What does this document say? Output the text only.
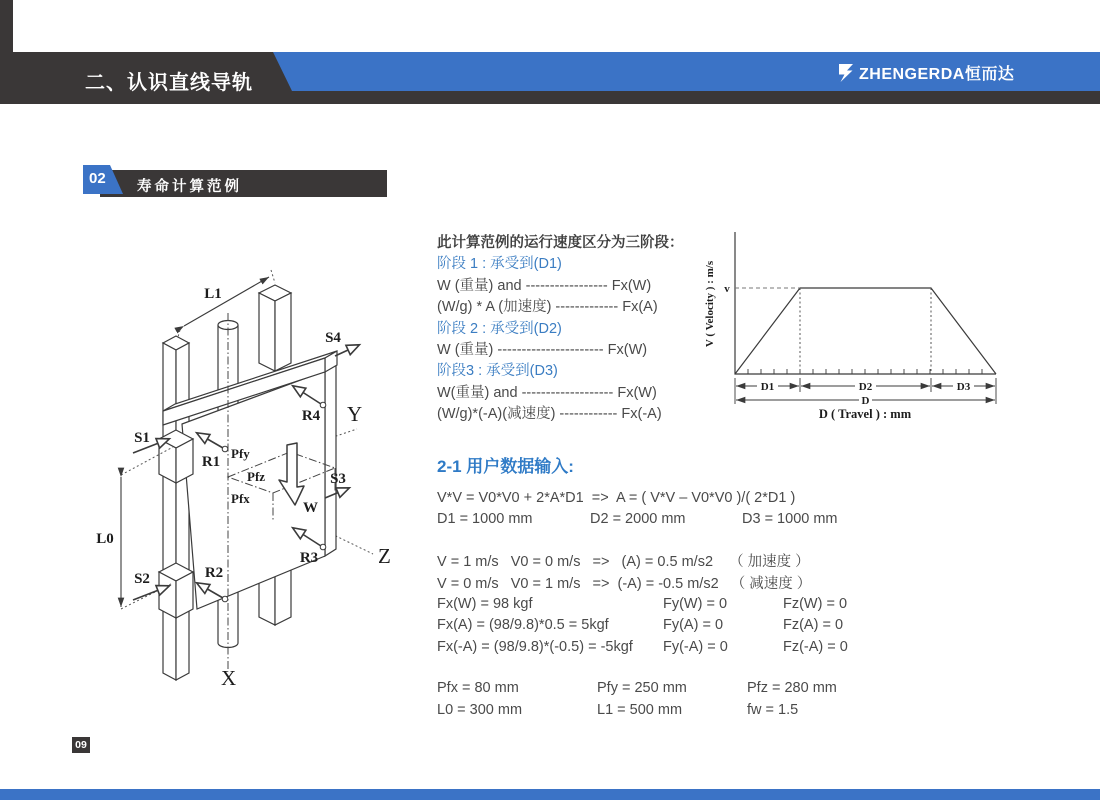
二、认识直线导轨	ZHENGERDA恒而达
02 寿命计算范例

此计算范例的运行速度区分为三阶段：

阶段 1 : 承受到(D1)

W (重量) and ----------------- Fx(W)

(W/g) * A (加速度) ------------- Fx(A)

阶段 2 : 承受到(D2)

W (重量) ---------------------- Fx(W)

阶段3 : 承受到(D3)

W(重量) and ------------------- Fx(W)

(W/g)*(-A)(减速度) ------------ Fx(-A)

Y
Z
L1
Pfy
Pfz
Pfx
W
X
L0
S1
S2
S3
S4
R1
R2
R3
R4
v
V ( Velocity ) : m/s
D1	D2	D3
D
D ( Travel ) : mm
2-1 用户数据输入:
V*V = V0*V0 + 2*A*D1  =>  A = ( V*V – V0*V0 )/( 2*D1 )
D1 = 1000 mm	D2 = 2000 mm	D3 = 1000 mm
V = 1 m/s   V0 = 0 m/s   =>   (A) = 0.5 m/s2    （ 加速度 ）
V = 0 m/s   V0 = 1 m/s   =>  (-A) = -0.5 m/s2   （ 减速度 ）
Fx(W) = 98 kgf	Fy(W) = 0	Fz(W) = 0
Fx(A) = (98/9.8)*0.5 = 5kgf	Fy(A) = 0	Fz(A) = 0
Fx(-A) = (98/9.8)*(-0.5) = -5kgf	Fy(-A) = 0	Fz(-A) = 0
Pfx = 80 mm	Pfy = 250 mm	Pfz = 280 mm
L0 = 300 mm	L1 = 500 mm	fw = 1.5
09
